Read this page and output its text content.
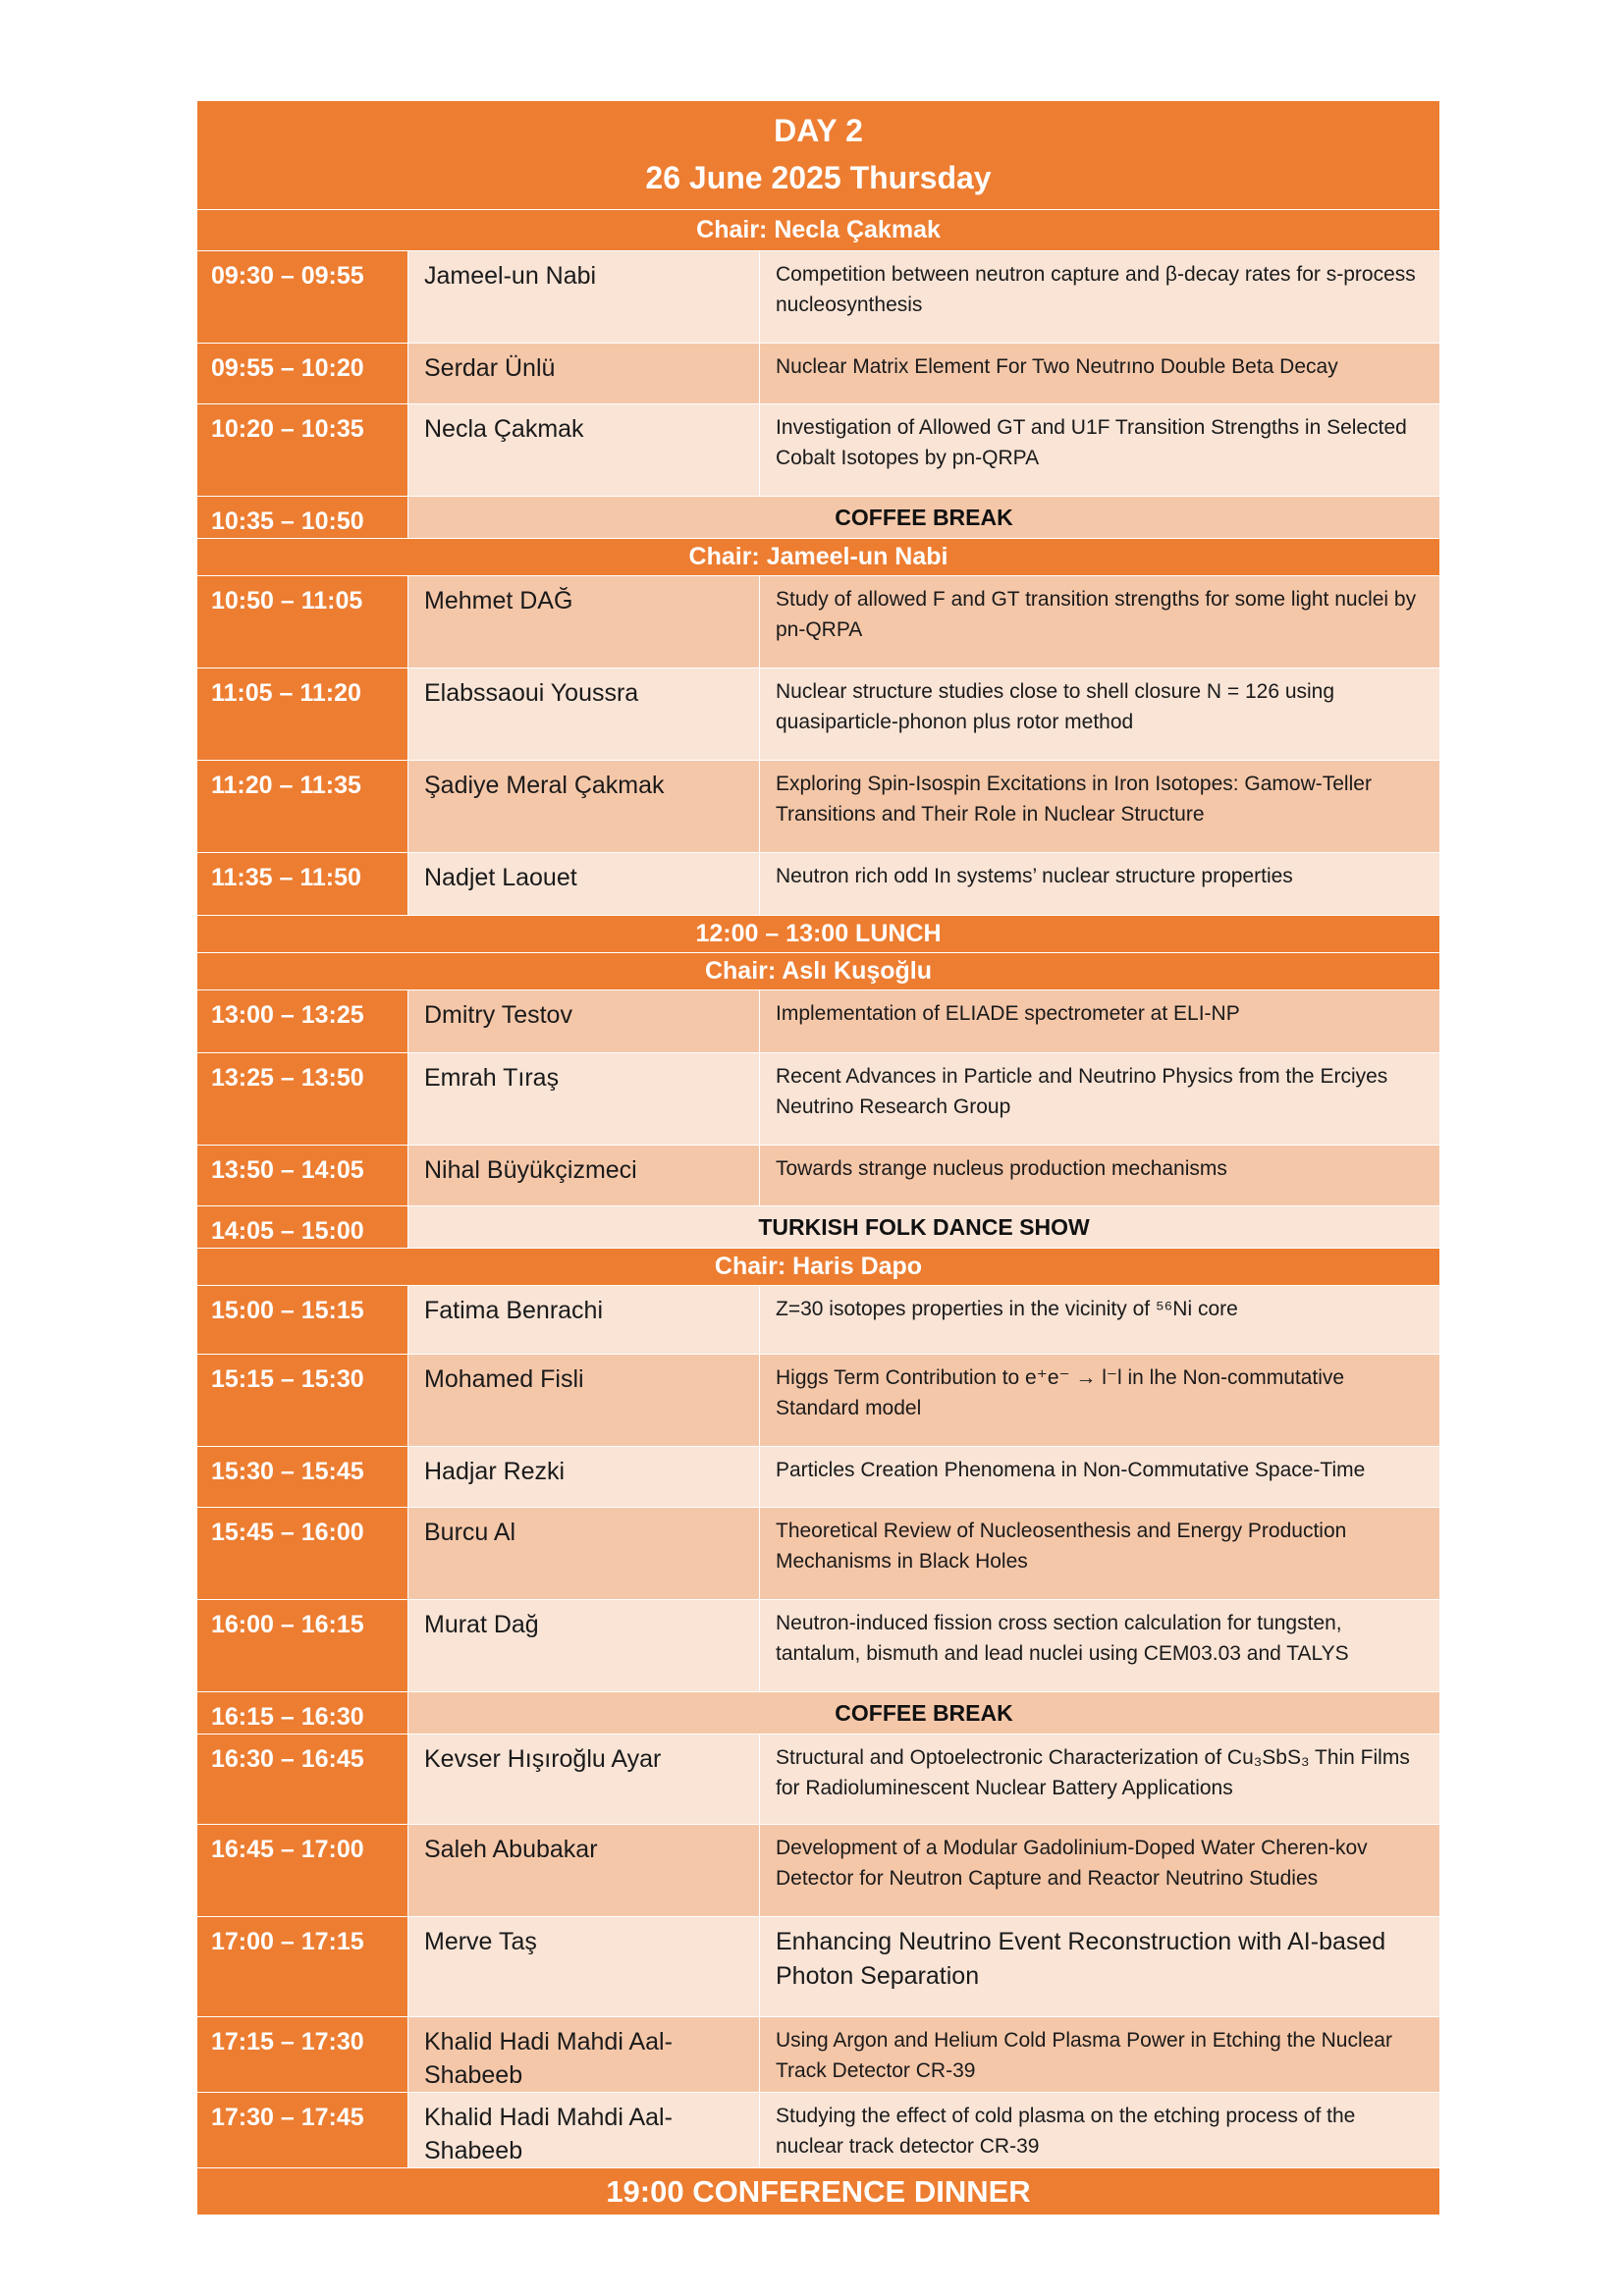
DAY 2
26 June 2025 Thursday		

Chair: Necla Çakmak		
09:30 – 09:55	Jameel-un Nabi	Competition between neutron capture and β-decay rates for s-process nucleosynthesis
09:55 – 10:20	Serdar Ünlü	Nuclear Matrix Element For Two Neutrıno Double Beta Decay
10:20 – 10:35	Necla Çakmak	Investigation of Allowed GT and U1F Transition Strengths in Selected Cobalt Isotopes by pn-QRPA
10:35 – 10:50	COFFEE BREAK	
Chair: Jameel-un Nabi		
10:50 – 11:05	Mehmet DAĞ	Study of allowed F and GT transition strengths for some light nuclei by pn-QRPA
11:05 – 11:20	Elabssaoui Youssra	Nuclear structure studies close to shell closure N = 126 using quasiparticle-phonon plus rotor method
11:20 – 11:35	Şadiye Meral Çakmak	Exploring Spin-Isospin Excitations in Iron Isotopes: Gamow-Teller Transitions and Their Role in Nuclear Structure
11:35 – 11:50	Nadjet Laouet	Neutron rich odd In systems’ nuclear structure properties
12:00 – 13:00 LUNCH		
Chair: Aslı Kuşoğlu		
13:00 – 13:25	Dmitry Testov	Implementation of ELIADE spectrometer at ELI-NP
13:25 – 13:50	Emrah Tıraş	Recent Advances in Particle and Neutrino Physics from the Erciyes Neutrino Research Group
13:50 – 14:05	Nihal Büyükçizmeci	Towards strange nucleus production mechanisms
14:05 – 15:00	TURKISH FOLK DANCE SHOW	
Chair: Haris Dapo		
15:00 – 15:15	Fatima Benrachi	Z=30 isotopes properties in the vicinity of ⁵⁶Ni core
15:15 – 15:30	Mohamed Fisli	Higgs Term Contribution to e⁺e⁻ → l⁻l in lhe Non-commutative Standard model
15:30 – 15:45	Hadjar Rezki	Particles Creation Phenomena in Non-Commutative Space-Time
15:45 – 16:00	Burcu Al	Theoretical Review of Nucleosenthesis and Energy Production Mechanisms in Black Holes
16:00 – 16:15	Murat Dağ	Neutron-induced fission cross section calculation for tungsten, tantalum, bismuth and lead nuclei using CEM03.03 and TALYS
16:15 – 16:30	COFFEE BREAK	
16:30 – 16:45	Kevser Hışıroğlu Ayar	Structural and Optoelectronic Characterization of Cu₃SbS₃ Thin Films for Radioluminescent Nuclear Battery Applications
16:45 – 17:00	Saleh Abubakar	Development of a Modular Gadolinium-Doped Water Cheren-kov Detector for Neutron Capture and Reactor Neutrino Studies
17:00 – 17:15	Merve Taş	Enhancing Neutrino Event Reconstruction with AI-based Photon Separation
17:15 – 17:30	Khalid Hadi Mahdi Aal-Shabeeb	Using Argon and Helium Cold Plasma Power in Etching the Nuclear Track Detector CR-39
17:30 – 17:45	Khalid Hadi Mahdi Aal-Shabeeb	Studying the effect of cold plasma on the etching process of the nuclear track detector CR-39
19:00 CONFERENCE DINNER		
